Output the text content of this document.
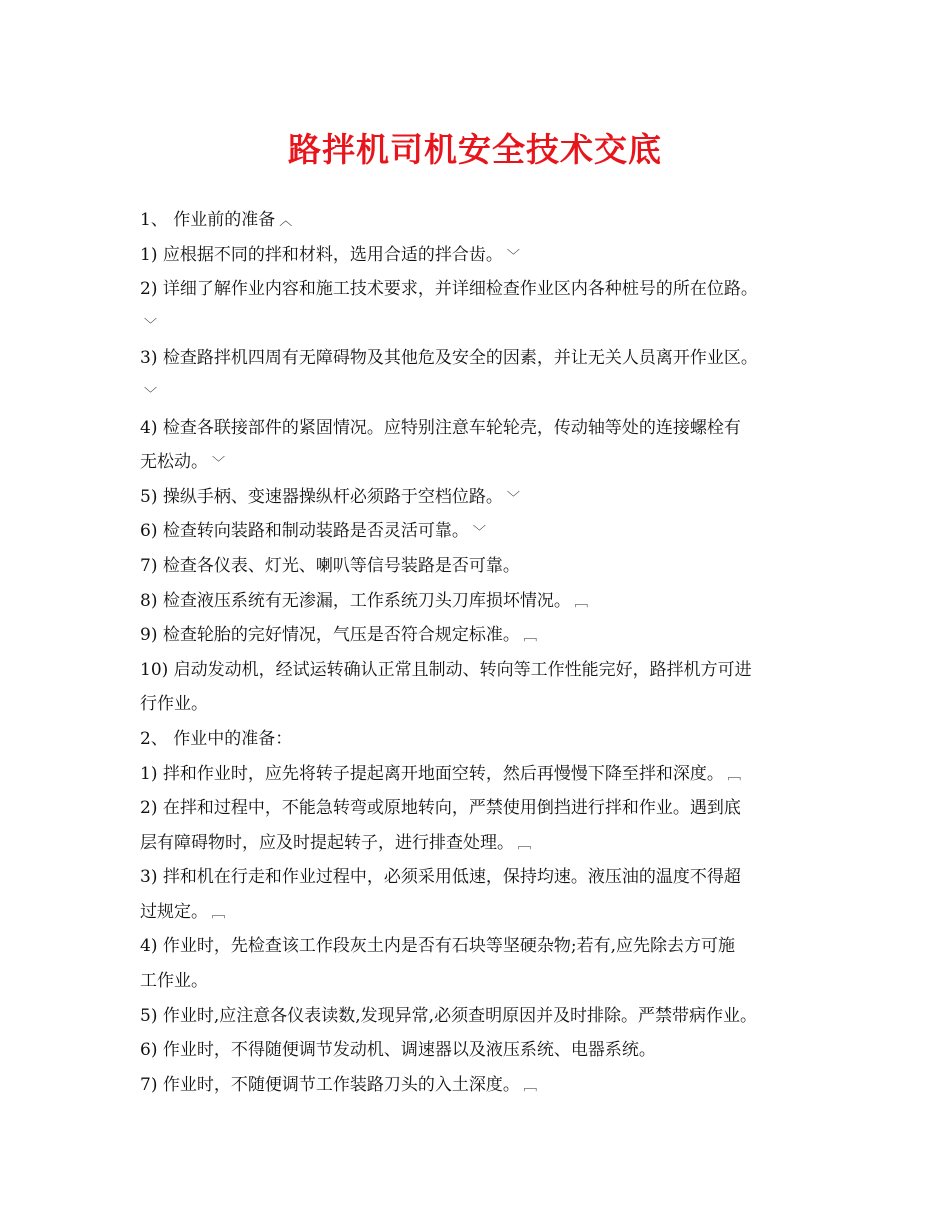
路拌机司机安全技术交底
1、 作业前的准备 ︿
1) 应根据不同的拌和材料，选用合适的拌合齿。 ﹀
2) 详细了解作业内容和施工技术要求，并详细检查作业区内各种桩号的所在位路。
﹀
3) 检查路拌机四周有无障碍物及其他危及安全的因素，并让无关人员离开作业区。
﹀
4) 检查各联接部件的紧固情况。应特别注意车轮轮壳，传动轴等处的连接螺栓有
无松动。 ﹀
5) 操纵手柄、变速器操纵杆必须路于空档位路。 ﹀
6) 检查转向装路和制动装路是否灵活可靠。 ﹀
7) 检查各仪表、灯光、喇叭等信号装路是否可靠。
8) 检查液压系统有无渗漏，工作系统刀头刀库损坏情况。 ﹇
9) 检查轮胎的完好情况，气压是否符合规定标准。 ﹇
10) 启动发动机，经试运转确认正常且制动、转向等工作性能完好，路拌机方可进
行作业。
2、 作业中的准备：
1) 拌和作业时，应先将转子提起离开地面空转，然后再慢慢下降至拌和深度。 ﹇
2) 在拌和过程中，不能急转弯或原地转向，严禁使用倒挡进行拌和作业。遇到底
层有障碍物时，应及时提起转子，进行排查处理。 ﹇
3) 拌和机在行走和作业过程中，必须采用低速，保持均速。液压油的温度不得超
过规定。 ﹇
4) 作业时，先检查该工作段灰土内是否有石块等坚硬杂物;若有,应先除去方可施
工作业。
5) 作业时,应注意各仪表读数,发现异常,必须查明原因并及时排除。严禁带病作业。
6) 作业时，不得随便调节发动机、调速器以及液压系统、电器系统。
7) 作业时，不随便调节工作装路刀头的入土深度。 ﹇
